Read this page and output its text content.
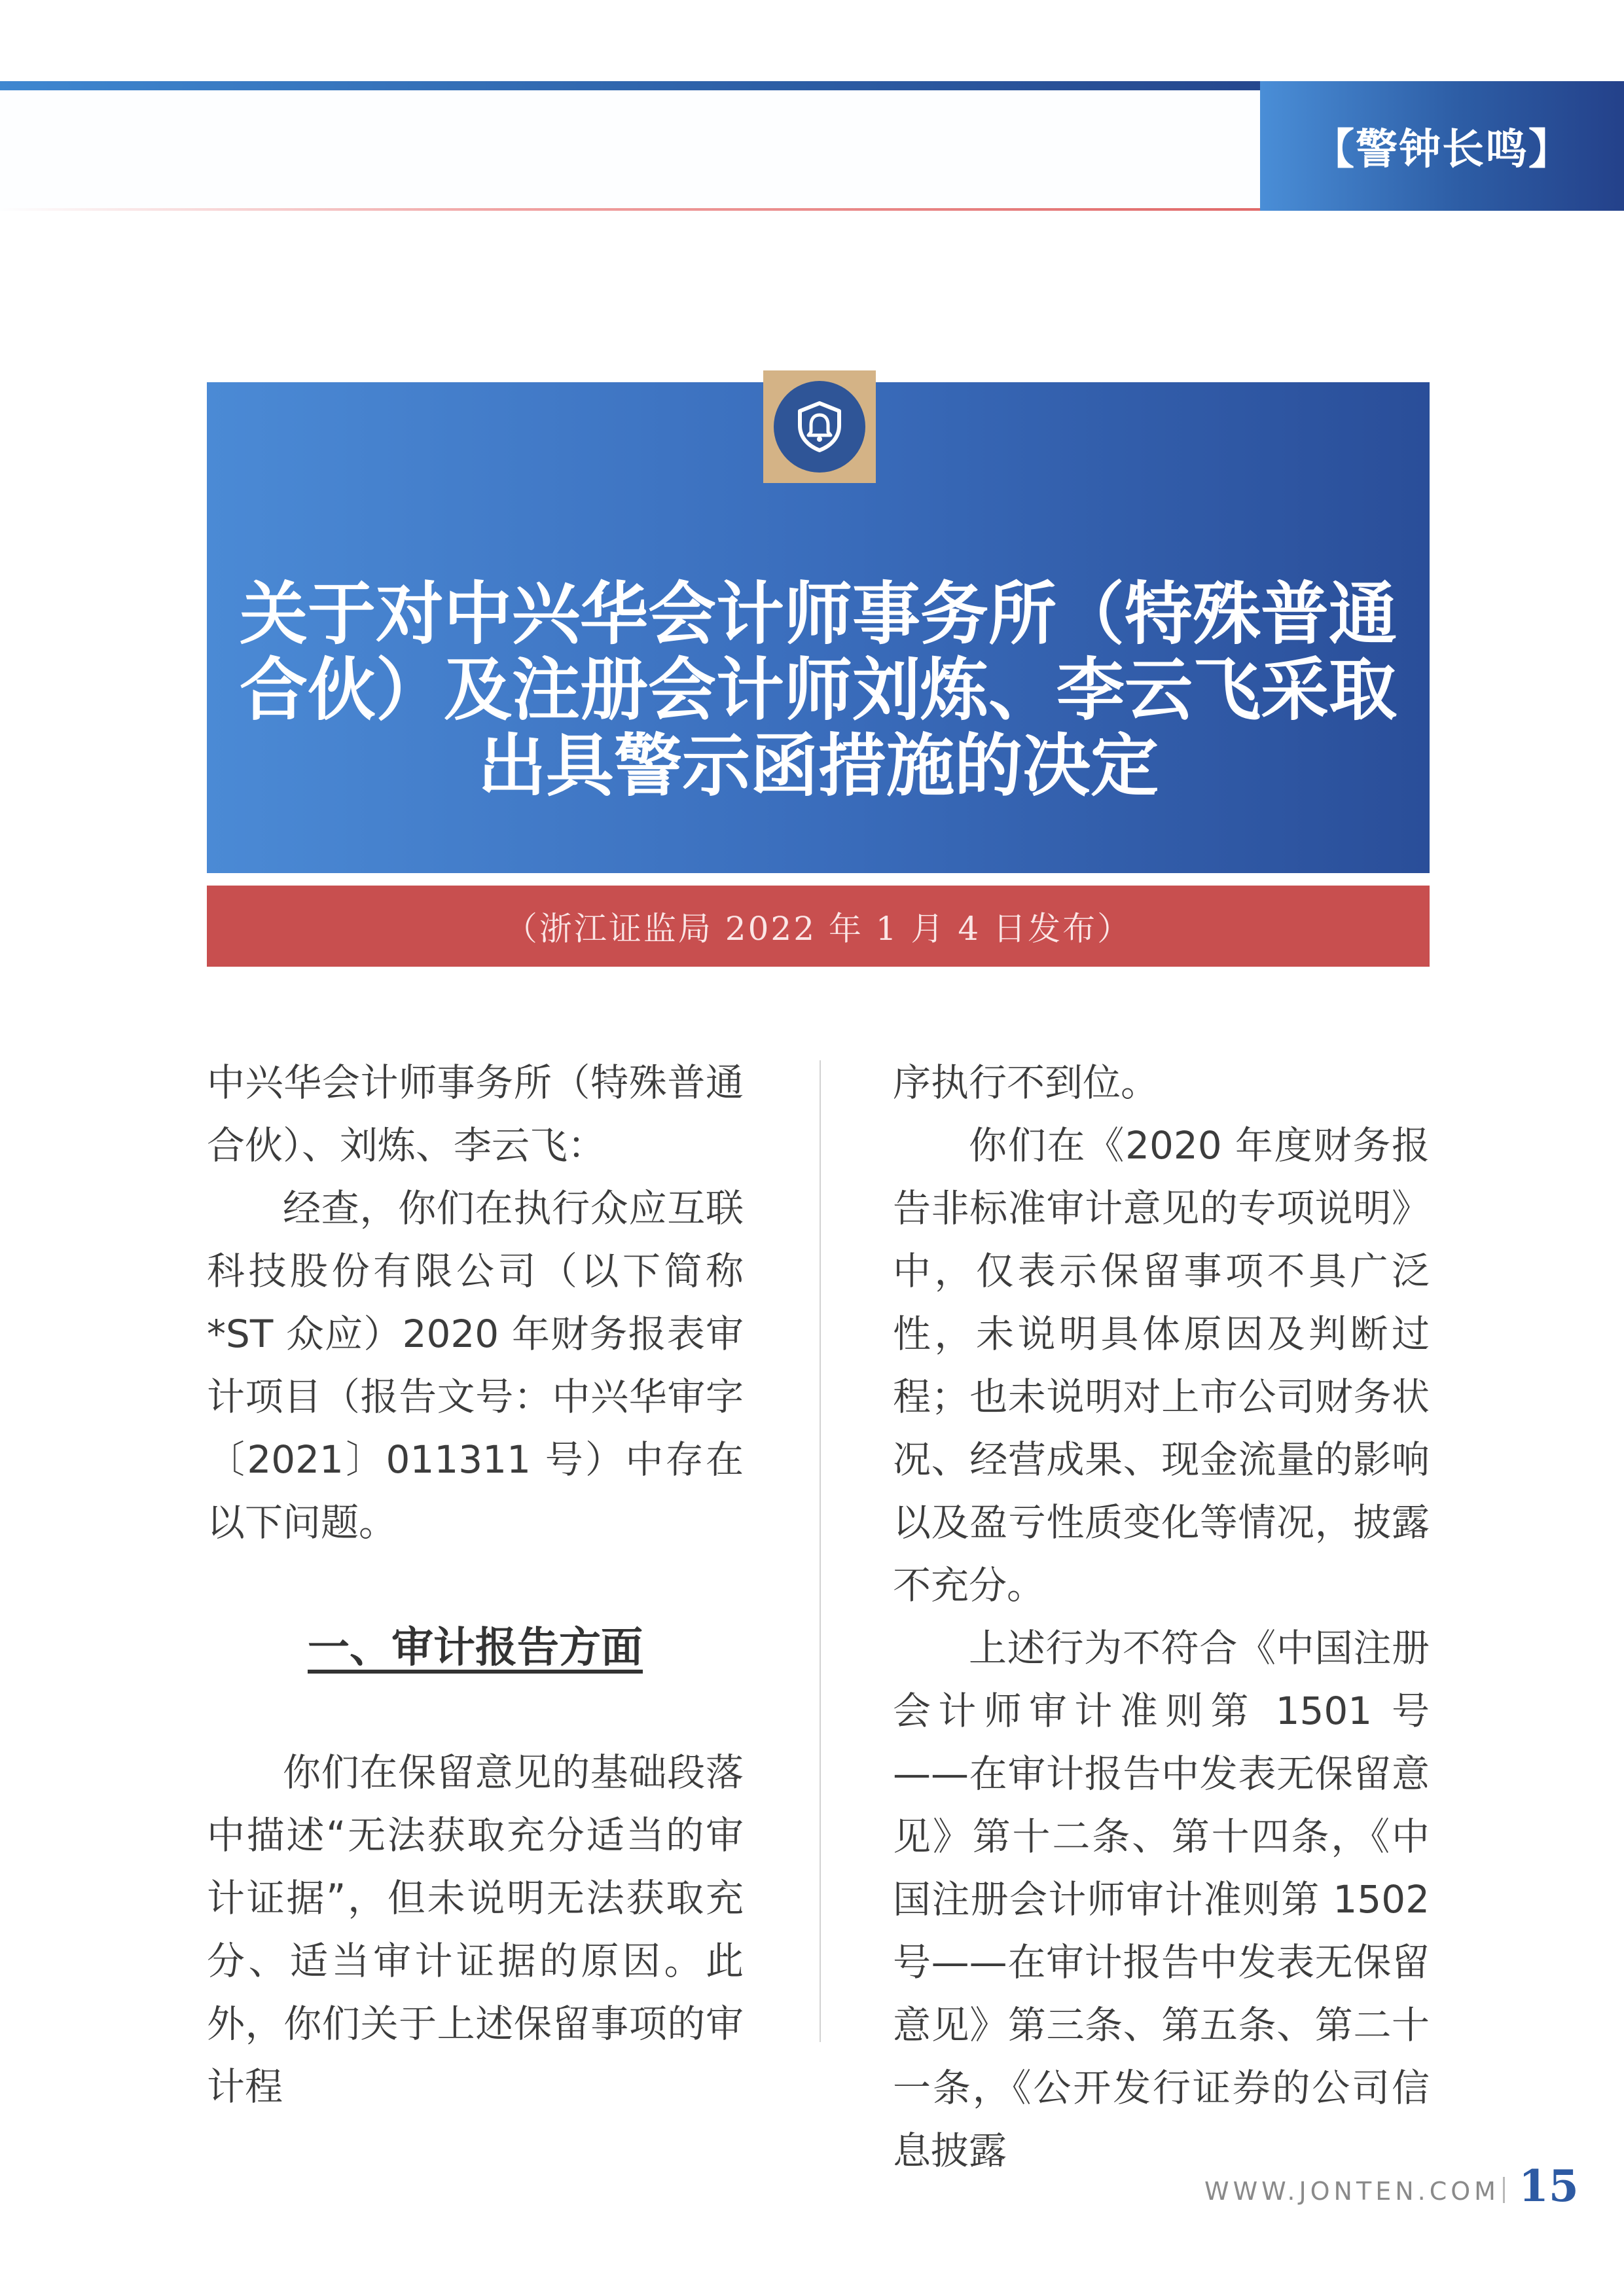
【警钟长鸣】
关于对中兴华会计师事务所（特殊普通合伙）及注册会计师刘炼、李云飞采取出具警示函措施的决定
（浙江证监局 2022 年 1 月 4 日发布）

中兴华会计师事务所（特殊普通合伙）、刘炼、李云飞：

经查，你们在执行众应互联科技股份有限公司（以下简称*ST 众应）2020 年财务报表审计项目（报告文号：中兴华审字〔2021〕011311 号）中存在以下问题。

一、审计报告方面

你们在保留意见的基础段落中描述“无法获取充分适当的审计证据”，但未说明无法获取充分、适当审计证据的原因。此外，你们关于上述保留事项的审计程

序执行不到位。

你们在《2020 年度财务报告非标准审计意见的专项说明》中，仅表示保留事项不具广泛性，未说明具体原因及判断过程；也未说明对上市公司财务状况、经营成果、现金流量的影响以及盈亏性质变化等情况，披露不充分。

上述行为不符合《中国注册会计师审计准则第 1501 号——在审计报告中发表无保留意见》第十二条、第十四条，《中国注册会计师审计准则第 1502 号——在审计报告中发表无保留意见》第三条、第五条、第二十一条，《公开发行证券的公司信息披露

WWW.JONTEN.COM 15
